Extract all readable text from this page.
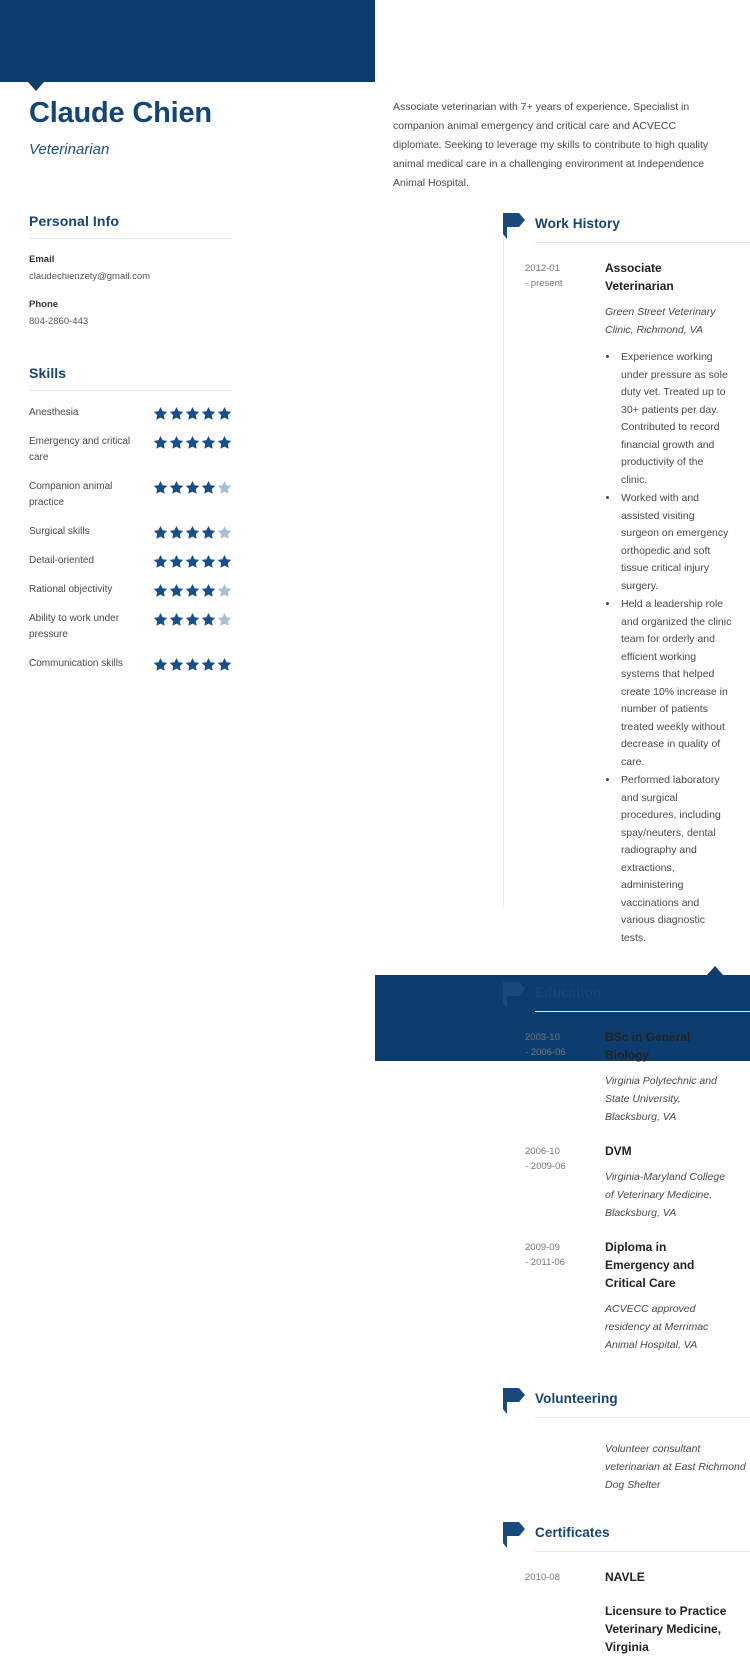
Claude Chien
Veterinarian
Associate veterinarian with 7+ years of experience. Specialist in companion animal emergency and critical care and ACVECC diplomate. Seeking to leverage my skills to contribute to high quality animal medical care in a challenging environment at Independence Animal Hospital.
Personal Info
Email
claudechienzety@gmail.com
Phone
804-2860-443
Skills
Anesthesia
Emergency and critical care
Companion animal practice
Surgical skills
Detail-oriented
Rational objectivity
Ability to work under pressure
Communication skills
Work History
2012-01
- present
Associate Veterinarian
Green Street Veterinary Clinic, Richmond, VA
• Experience working under pressure as sole duty vet. Treated up to 30+ patients per day. Contributed to record financial growth and productivity of the clinic.
• Worked with and assisted visiting surgeon on emergency orthopedic and soft tissue critical injury surgery.
• Held a leadership role and organized the clinic team for orderly and efficient working systems that helped create 10% increase in number of patients treated weekly without decrease in quality of care.
• Performed laboratory and surgical procedures, including spay/neuters, dental radiography and extractions, administering vaccinations and various diagnostic tests.
Education
2003-10
- 2006-06
BSc in General Biology
Virginia Polytechnic and State University, Blacksburg, VA
2006-10
- 2009-06
DVM
Virginia-Maryland College of Veterinary Medicine, Blacksburg, VA
2009-09
- 2011-06
Diploma in Emergency and Critical Care
ACVECC approved residency at Merrimac Animal Hospital, VA
Volunteering
Volunteer consultant veterinarian at East Richmond Dog Shelter
Certificates
2010-08	NAVLE
Licensure to Practice Veterinary Medicine, Virginia
